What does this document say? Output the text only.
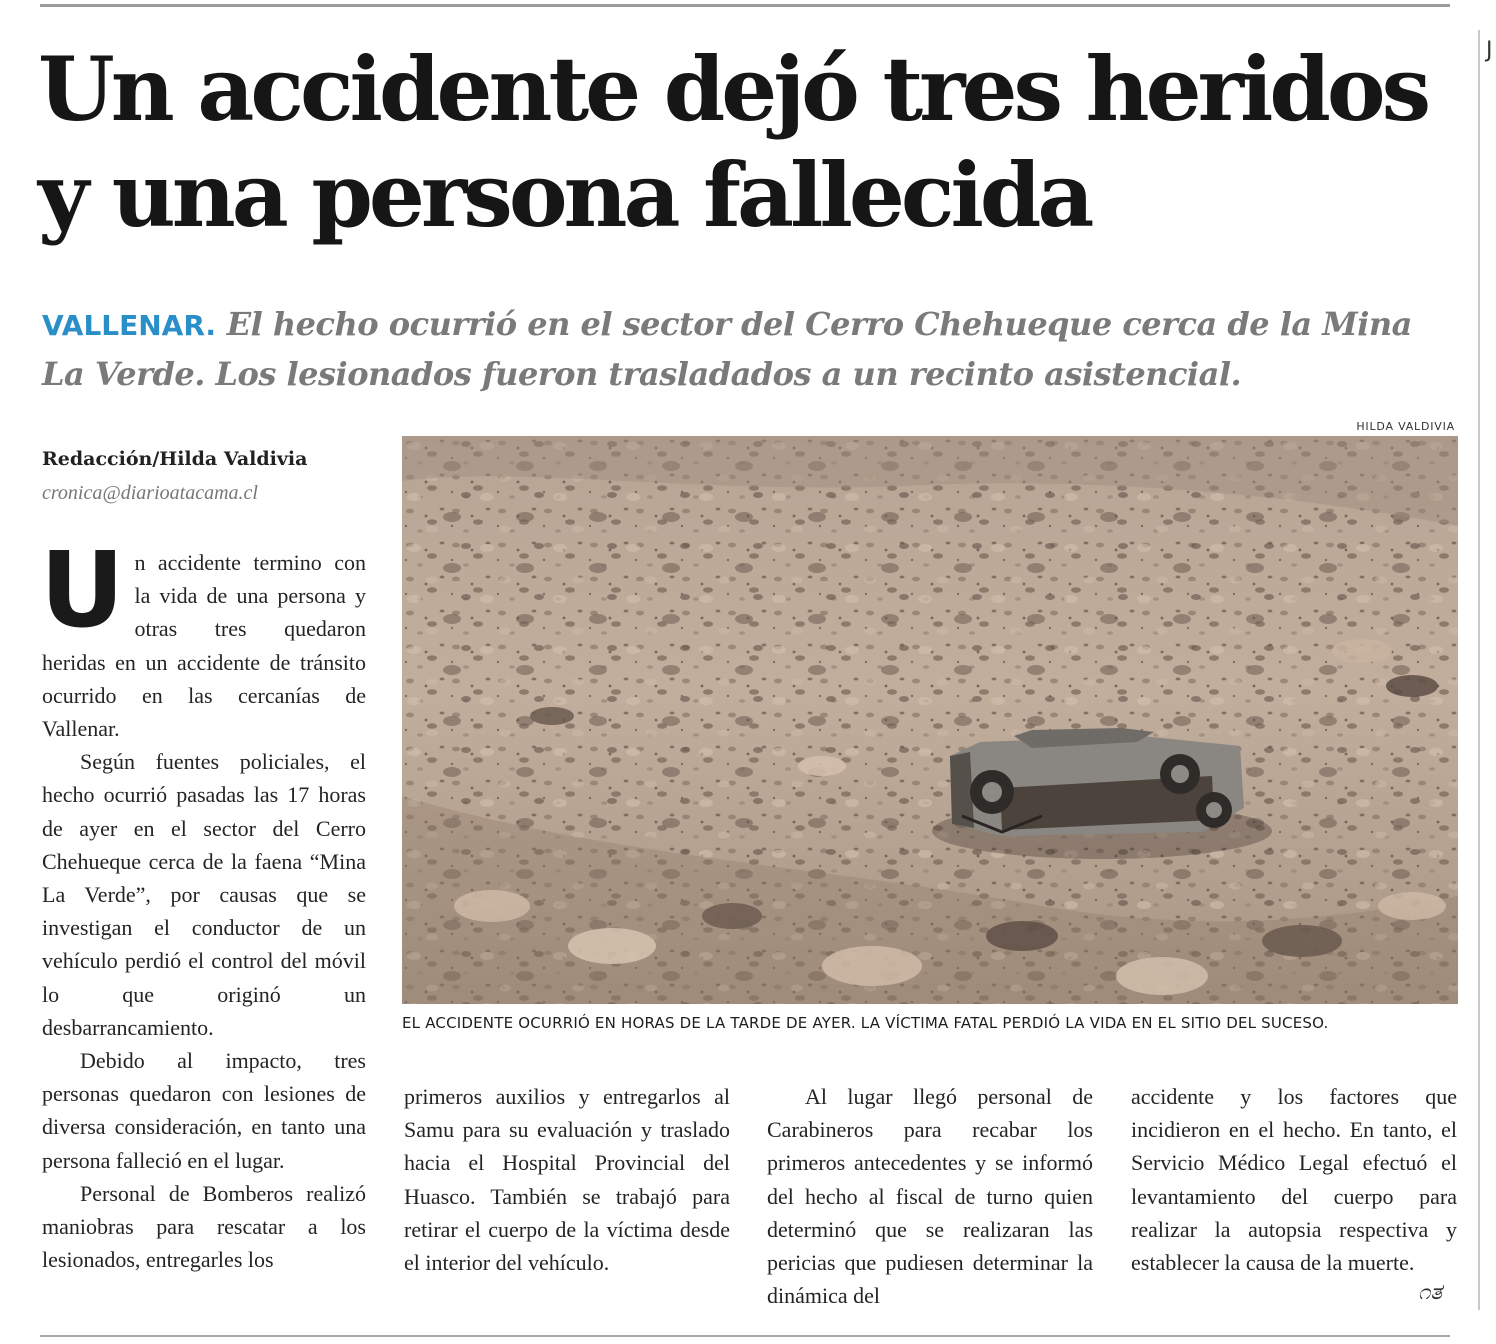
J
Un accidente dejó tres heridos y una persona fallecida

VALLENAR. El hecho ocurrió en el sector del Cerro Chehueque cerca de la Mina La Verde. Los lesionados fueron trasladados a un recinto asistencial.

Redacción/Hilda Valdivia
cronica@diarioatacama.cl
HILDA VALDIVIA
EL ACCIDENTE OCURRIÓ EN HORAS DE LA TARDE DE AYER. LA VÍCTIMA FATAL PERDIÓ LA VIDA EN EL SITIO DEL SUCESO.
U n accidente termino con la vida de una persona y otras tres quedaron heridas en un accidente de tránsito ocurrido en las cercanías de Vallenar.

Según fuentes policiales, el hecho ocurrió pasadas las 17 horas de ayer en el sector del Cerro Chehueque cerca de la faena “Mina La Verde”, por causas que se investigan el conductor de un vehículo perdió el control del móvil lo que originó un desbarrancamiento.

Debido al impacto, tres personas quedaron con lesiones de diversa consideración, en tanto una persona falleció en el lugar.

Personal de Bomberos realizó maniobras para rescatar a los lesionados, entregarles los

primeros auxilios y entregarlos al Samu para su evaluación y traslado hacia el Hospital Provincial del Huasco. También se trabajó para retirar el cuerpo de la víctima desde el interior del vehículo.

Al lugar llegó personal de Carabineros para recabar los primeros antecedentes y se informó del hecho al fiscal de turno quien determinó que se realizaran las pericias que pudiesen determinar la dinámica del

accidente y los factores que incidieron en el hecho. En tanto, el Servicio Médico Legal efectuó el levantamiento del cuerpo para realizar la autopsia respectiva y establecer la causa de la muerte.

೧ತ
